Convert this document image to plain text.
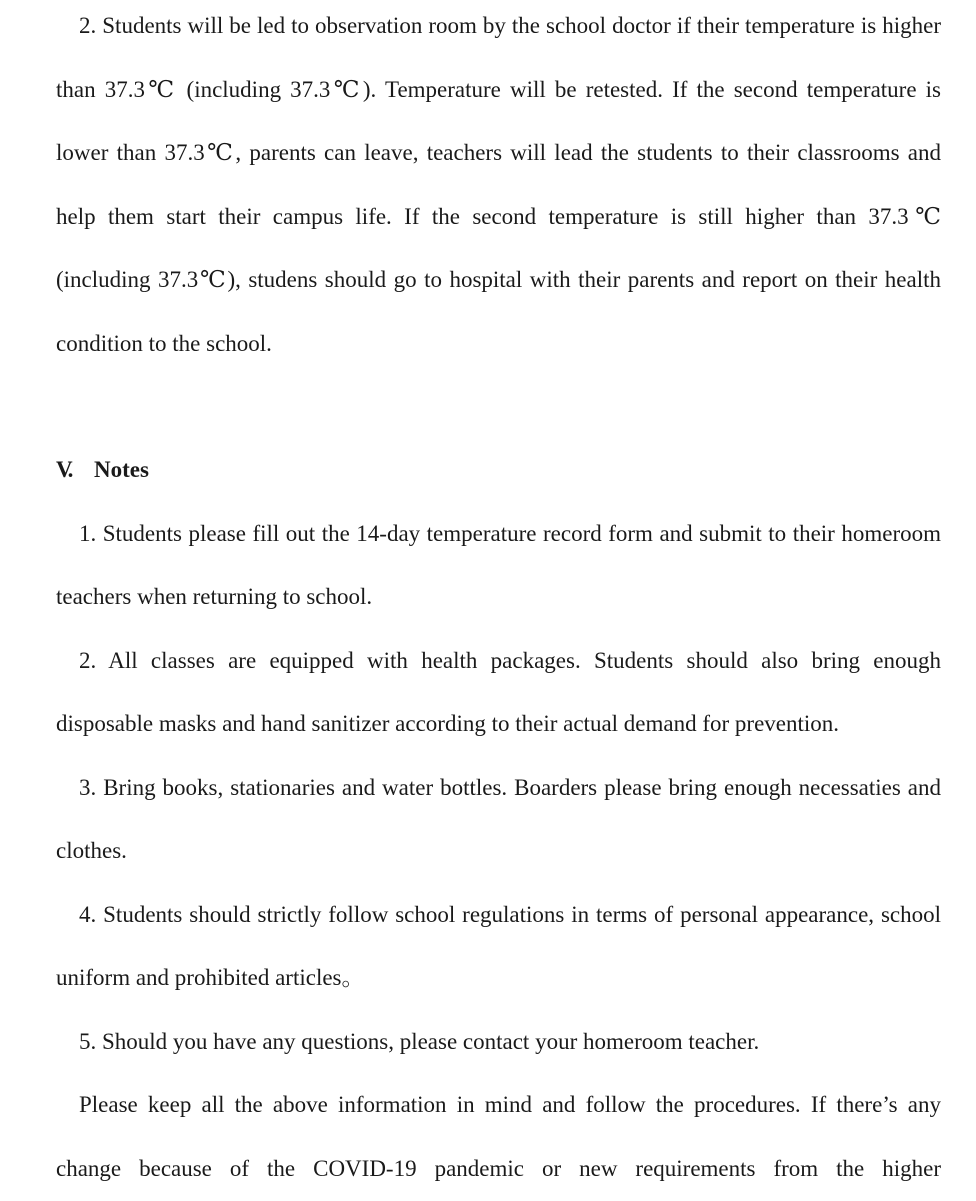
2. Students will be led to observation room by the school doctor if their temperature is higher than 37.3℃ (including 37.3℃). Temperature will be retested. If the second temperature is lower than 37.3℃, parents can leave, teachers will lead the students to their classrooms and help them start their campus life. If the second temperature is still higher than 37.3℃ (including 37.3℃), studens should go to hospital with their parents and report on their health condition to the school.

V. Notes

1. Students please fill out the 14-day temperature record form and submit to their homeroom teachers when returning to school.

2. All classes are equipped with health packages. Students should also bring enough disposable masks and hand sanitizer according to their actual demand for prevention.

3. Bring books, stationaries and water bottles. Boarders please bring enough necessaties and clothes.

4. Students should strictly follow school regulations in terms of personal appearance, school uniform and prohibited articles。

5. Should you have any questions, please contact your homeroom teacher.

Please keep all the above information in mind and follow the procedures. If there’s any change because of the COVID-19 pandemic or new requirements from the higher
